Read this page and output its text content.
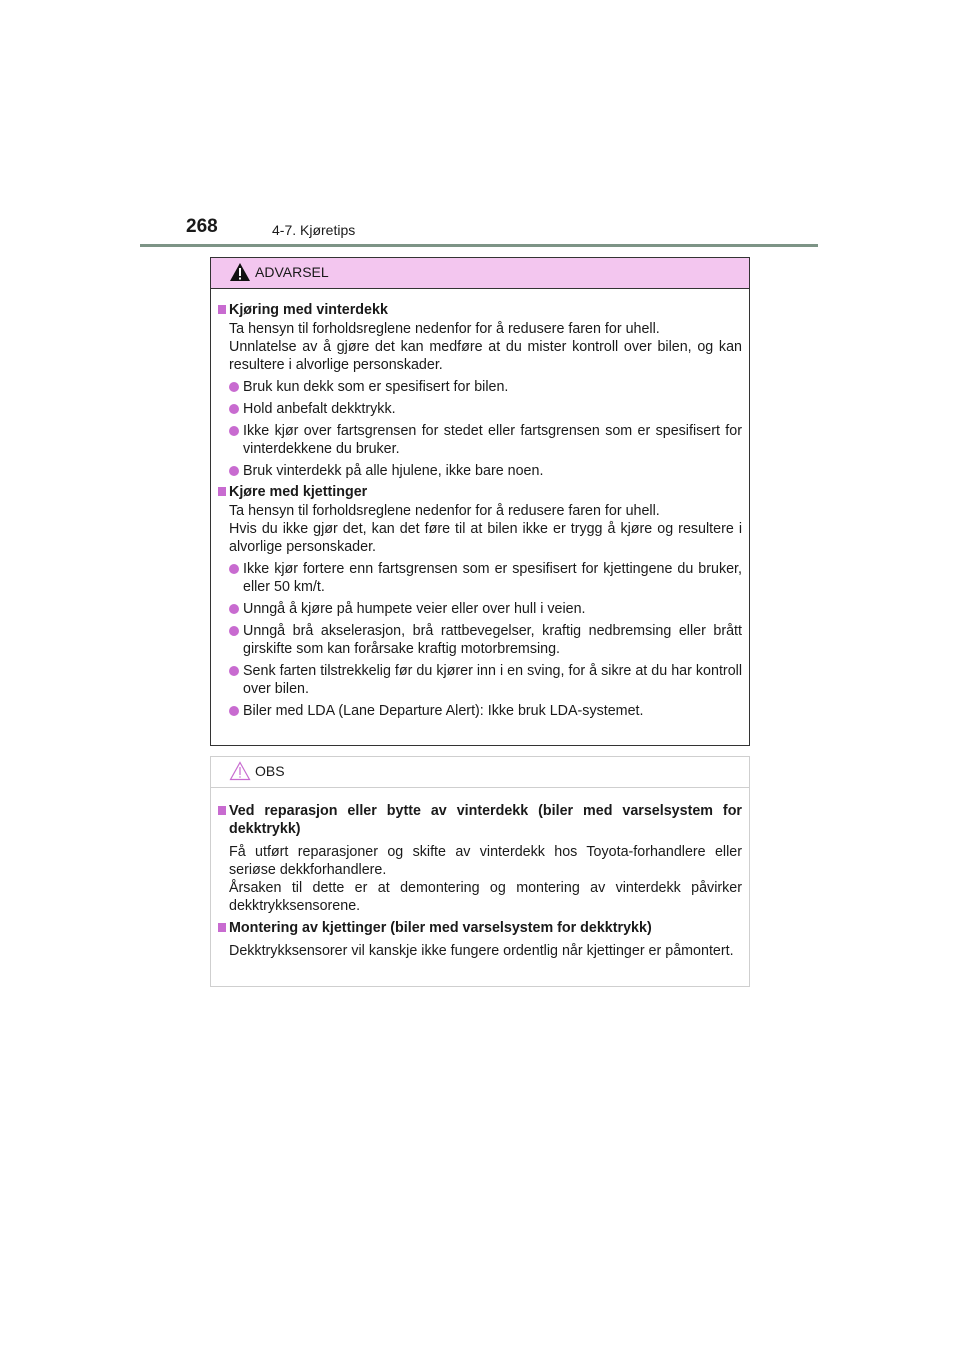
268	4-7. Kjøretips
ADVARSEL
Kjøring med vinterdekk
Ta hensyn til forholdsreglene nedenfor for å redusere faren for uhell.
Unnlatelse av å gjøre det kan medføre at du mister kontroll over bilen, og kan resultere i alvorlige personskader.
Bruk kun dekk som er spesifisert for bilen.
Hold anbefalt dekktrykk.
Ikke kjør over fartsgrensen for stedet eller fartsgrensen som er spesifisert for vinterdekkene du bruker.
Bruk vinterdekk på alle hjulene, ikke bare noen.
Kjøre med kjettinger
Ta hensyn til forholdsreglene nedenfor for å redusere faren for uhell.
Hvis du ikke gjør det, kan det føre til at bilen ikke er trygg å kjøre og resultere i alvorlige personskader.
Ikke kjør fortere enn fartsgrensen som er spesifisert for kjettingene du bruker, eller 50 km/t.
Unngå å kjøre på humpete veier eller over hull i veien.
Unngå brå akselerasjon, brå rattbevegelser, kraftig nedbremsing eller brått girskifte som kan forårsake kraftig motorbremsing.
Senk farten tilstrekkelig før du kjører inn i en sving, for å sikre at du har kontroll over bilen.
Biler med LDA (Lane Departure Alert): Ikke bruk LDA-systemet.
OBS
Ved reparasjon eller bytte av vinterdekk (biler med varselsystem for dekktrykk)
Få utført reparasjoner og skifte av vinterdekk hos Toyota-forhandlere eller seriøse dekkforhandlere.
Årsaken til dette er at demontering og montering av vinterdekk påvirker dekktrykksensorene.
Montering av kjettinger (biler med varselsystem for dekktrykk)
Dekktrykksensorer vil kanskje ikke fungere ordentlig når kjettinger er påmontert.
